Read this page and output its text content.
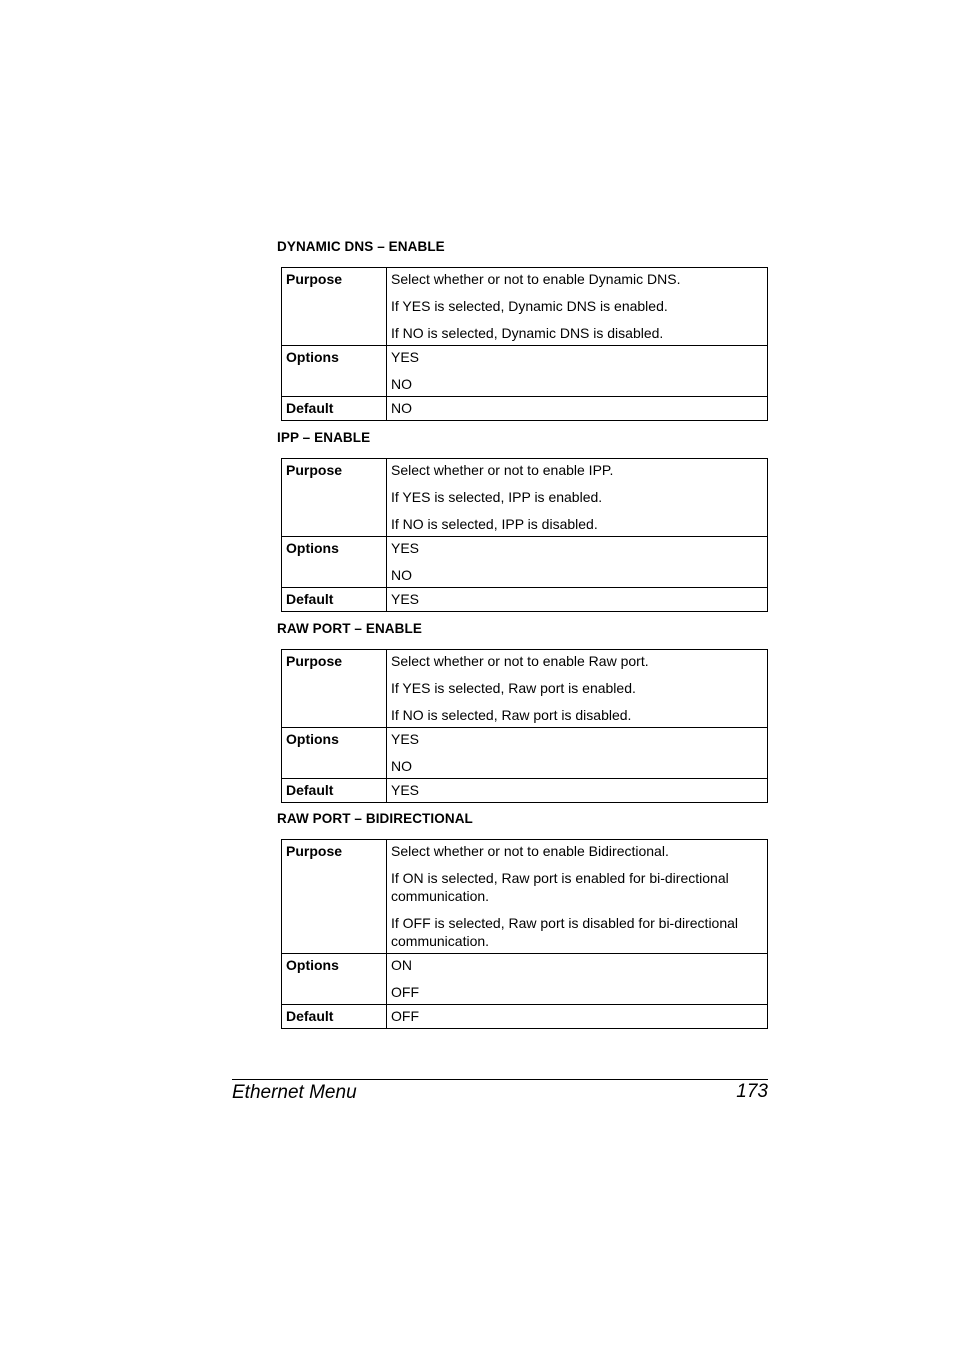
DYNAMIC DNS – ENABLE
Purpose	Select whether or not to enable Dynamic DNS.

If YES is selected, Dynamic DNS is enabled.

If NO is selected, Dynamic DNS is disabled.

Options	YES

NO

Default	NO
IPP – ENABLE
Purpose	Select whether or not to enable IPP.

If YES is selected, IPP is enabled.

If NO is selected, IPP is disabled.

Options	YES

NO

Default	YES
RAW PORT – ENABLE
Purpose	Select whether or not to enable Raw port.

If YES is selected, Raw port is enabled.

If NO is selected, Raw port is disabled.

Options	YES

NO

Default	YES
RAW PORT – BIDIRECTIONAL
Purpose	Select whether or not to enable Bidirectional.

If ON is selected, Raw port is enabled for bi-directional communication.

If OFF is selected, Raw port is disabled for bi-directional communication.

Options	ON

OFF

Default	OFF
Ethernet Menu	173
